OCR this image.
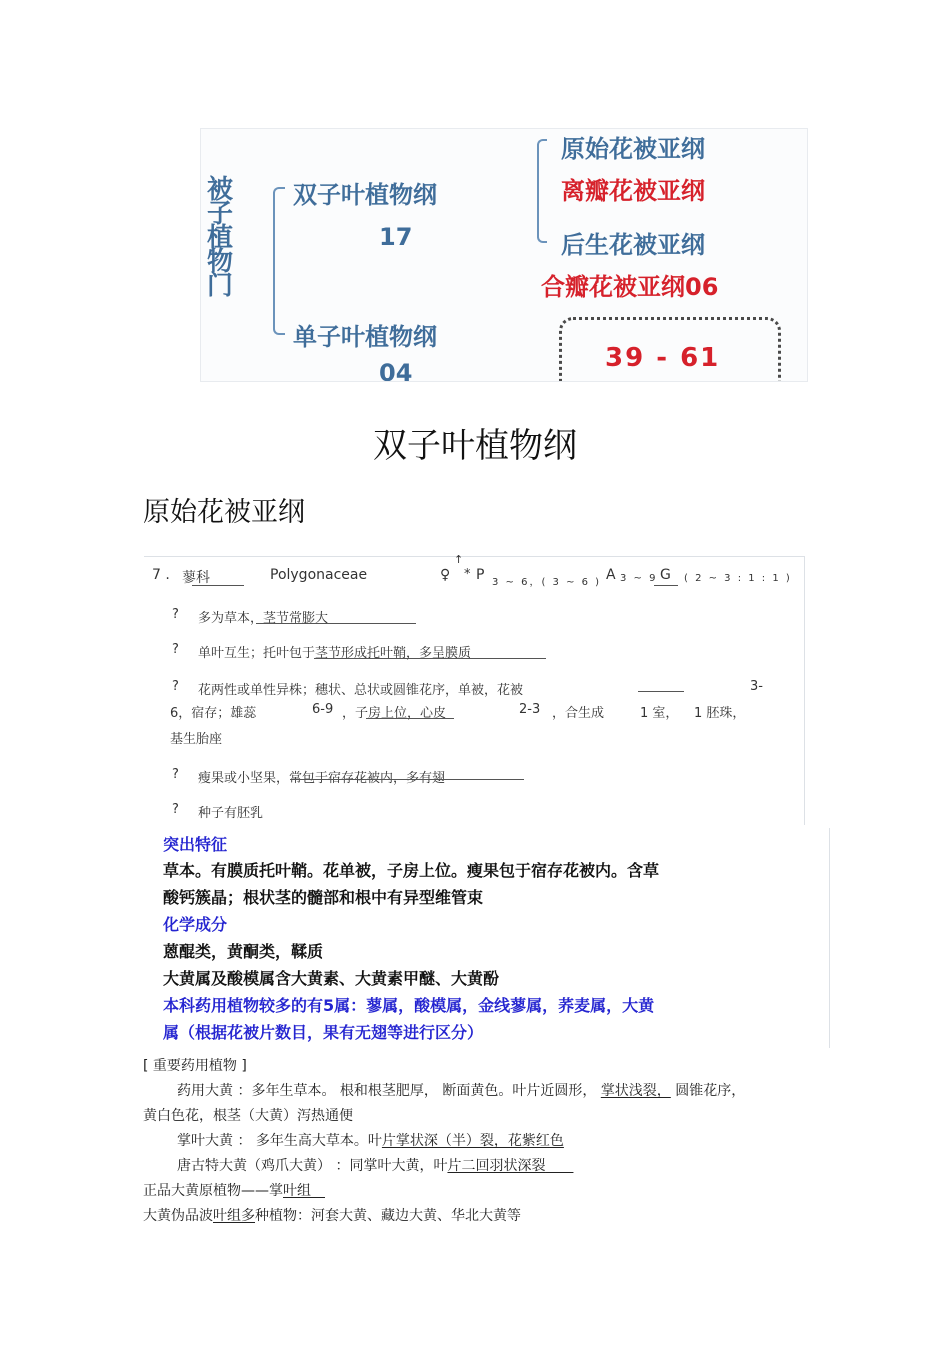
被
子
植
物
门
双子叶植物纲
17
单子叶植物纲
04
原始花被亚纲
离瓣花被亚纲
后生花被亚纲
合瓣花被亚纲06
39 - 61
双子叶植物纲
原始花被亚纲
7 . 蓼科	Polygonaceae
↑
♀ * P 3 ~ 6，( 3 ~ 6 ) A 3 ~ 9 G ( 2 ~ 3 : 1 : 1 )
? 多为草本，茎节常膨大
? 单叶互生；托叶包于茎节形成托叶鞘，多呈膜质
? 花两性或单性异株；穗状、总状或圆锥花序，单被，花被	3-
6，宿存；雄蕊	6-9 ，子房上位，心皮	2-3 ，合生成	1 室， 1 胚珠，
基生胎座
? 瘦果或小坚果，常包于宿存花被内，多有翅
? 种子有胚乳
突出特征
草本。有膜质托叶鞘。花单被，子房上位。瘦果包于宿存花被内。含草
酸钙簇晶；根状茎的髓部和根中有异型维管束
化学成分
蒽醌类，黄酮类，鞣质
大黄属及酸模属含大黄素、大黄素甲醚、大黄酚
本科药用植物较多的有5属：蓼属，酸模属，金线蓼属，荞麦属，大黄
属（根据花被片数目，果有无翅等进行区分）
[ 重要药用植物 ]
药用大黄 ：多年生草本。 根和根茎肥厚， 断面黄色。叶片近圆形， 掌状浅裂， 圆锥花序，
黄白色花，根茎（大黄）泻热通便
掌叶大黄 ： 多年生高大草本。叶片掌状深（半）裂，花紫红色
唐古特大黄（鸡爪大黄） ：同掌叶大黄，叶片二回羽状深裂  
正品大黄原植物——掌叶组 
大黄伪品波叶组多种植物：河套大黄、藏边大黄、华北大黄等
